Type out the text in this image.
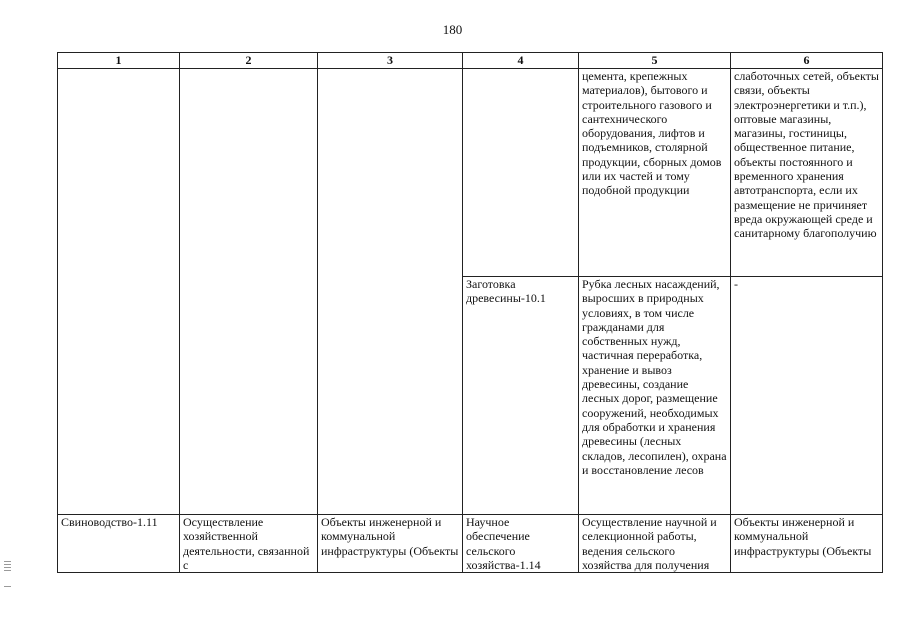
180
1	2	3	4	5	6
				цемента, крепежных материалов), бытового и строительного газового и сантехнического оборудования, лифтов и подъемников, столярной продукции, сборных домов или их частей и тому подобной продукции	слаботочных сетей, объекты связи, объекты электроэнергетики и т.п.), оптовые магазины, магазины, гостиницы, общественное питание, объекты постоянного и временного хранения автотранспорта, если их размещение не причиняет вреда окружающей среде и санитарному благополучию
			Заготовка древесины-10.1	Рубка лесных насаждений, выросших в природных условиях, в том числе гражданами для собственных нужд, частичная переработка, хранение и вывоз древесины, создание лесных дорог, размещение сооружений, необходимых для обработки и хранения древесины (лесных складов, лесопилен), охрана и восстановление лесов	-
Свиноводство-1.11	Осуществление хозяйственной деятельности, связанной с	Объекты инженерной и коммунальной инфраструктуры (Объекты	Научное обеспечение сельского хозяйства-1.14	Осуществление научной и селекционной работы, ведения сельского хозяйства для получения	Объекты инженерной и коммунальной инфраструктуры (Объекты
